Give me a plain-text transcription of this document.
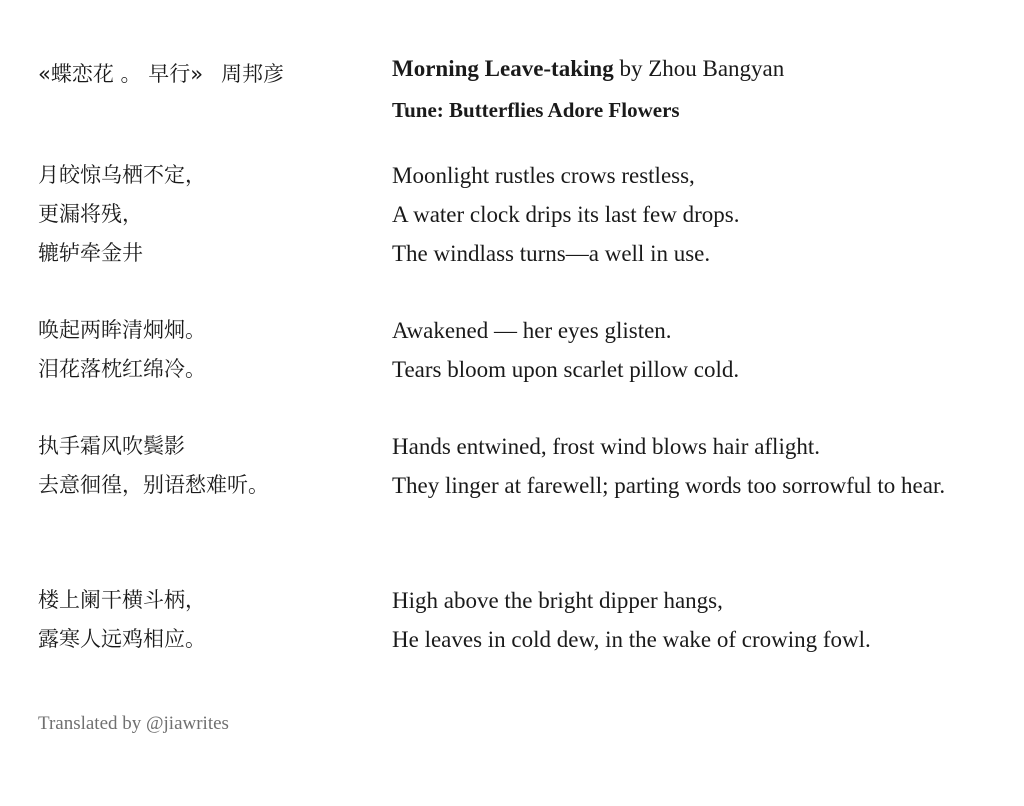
«蝶恋花 。 早行» 周邦彦	Morning Leave-taking by Zhou Bangyan
Tune: Butterflies Adore Flowers
月皎惊乌栖不定，
更漏将残，
辘轳牵金井
Moonlight rustles crows restless,
A water clock drips its last few drops.
The windlass turns—a well in use.
唤起两眸清炯炯。
泪花落枕红绵冷。
Awakened — her eyes glisten.
Tears bloom upon scarlet pillow cold.
执手霜风吹鬓影
去意徊徨，别语愁难听。
Hands entwined, frost wind blows hair aflight.
They linger at farewell; parting words too sorrowful to hear.
楼上阑干横斗柄，
露寒人远鸡相应。
High above the bright dipper hangs,
He leaves in cold dew, in the wake of crowing fowl.
Translated by @jiawrites
